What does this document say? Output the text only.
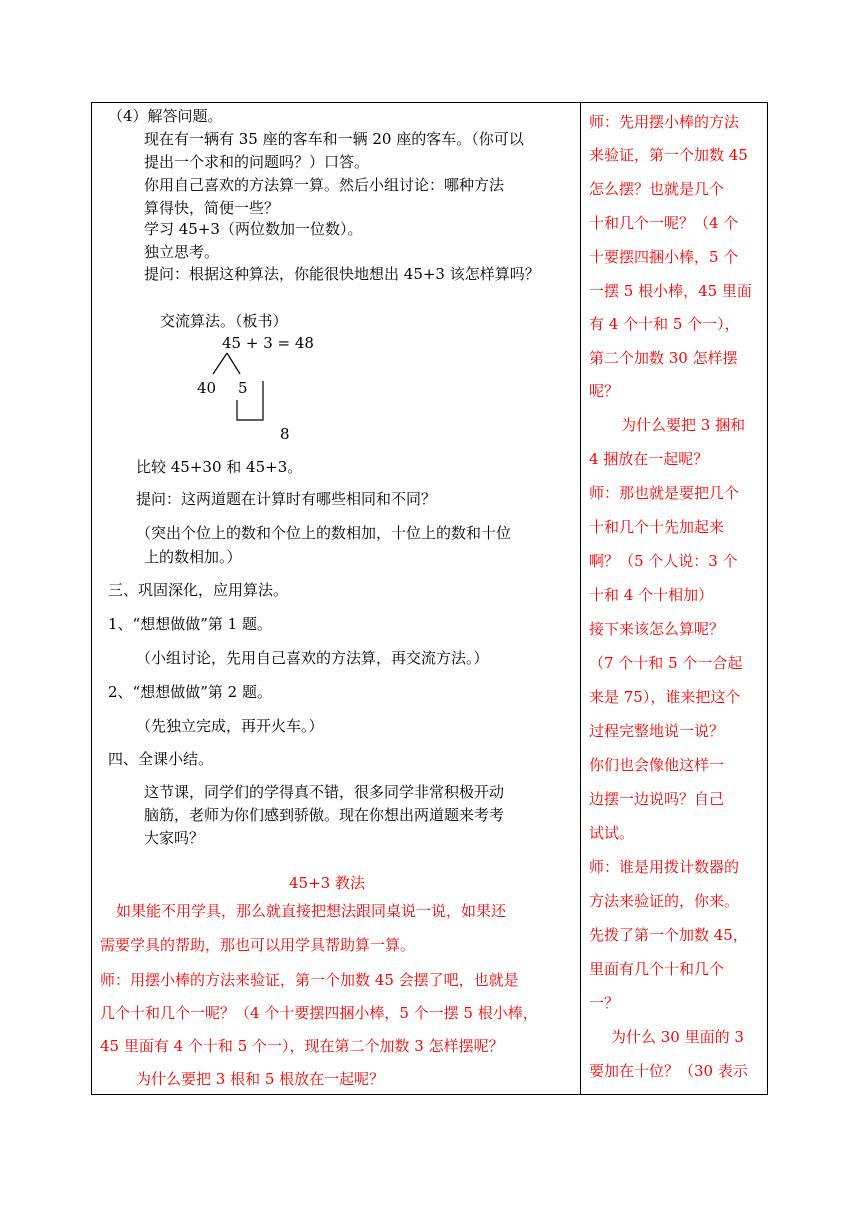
（4）解答问题。
现在有一辆有 35 座的客车和一辆 20 座的客车。（你可以
提出一个求和的问题吗？）口答。
你用自己喜欢的方法算一算。然后小组讨论：哪种方法
算得快，简便一些？
学习 45+3（两位数加一位数）。
独立思考。
提问：根据这种算法，你能很快地想出 45+3 该怎样算吗？
交流算法。（板书）
45 + 3 = 48
40 5
8
比较 45+30 和 45+3。
提问：这两道题在计算时有哪些相同和不同？
（突出个位上的数和个位上的数相加，十位上的数和十位
上的数相加。）
三、巩固深化，应用算法。
1、“想想做做”第 1 题。
（小组讨论，先用自己喜欢的方法算，再交流方法。）
2、“想想做做”第 2 题。
（先独立完成，再开火车。）
四、全课小结。
这节课，同学们的学得真不错，很多同学非常积极开动
脑筋，老师为你们感到骄傲。现在你想出两道题来考考
大家吗？
45+3 教法
如果能不用学具，那么就直接把想法跟同桌说一说，如果还
需要学具的帮助，那也可以用学具帮助算一算。
师：用摆小棒的方法来验证，第一个加数 45 会摆了吧，也就是
几个十和几个一呢？（4 个十要摆四捆小棒，5 个一摆 5 根小棒，
45 里面有 4 个十和 5 个一），现在第二个加数 3 怎样摆呢？
为什么要把 3 根和 5 根放在一起呢？
师：先用摆小棒的方法
来验证，第一个加数 45
怎么摆？也就是几个
十和几个一呢？（4 个
十要摆四捆小棒，5 个
一摆 5 根小棒，45 里面
有 4 个十和 5 个一），
第二个加数 30 怎样摆
呢？
为什么要把 3 捆和
4 捆放在一起呢？
师：那也就是要把几个
十和几个十先加起来
啊？（5 个人说：3 个
十和 4 个十相加）
接下来该怎么算呢？
（7 个十和 5 个一合起
来是 75），谁来把这个
过程完整地说一说？
你们也会像他这样一
边摆一边说吗？自己
试试。
师：谁是用拨计数器的
方法来验证的，你来。
先拨了第一个加数 45，
里面有几个十和几个
一？
为什么 30 里面的 3
要加在十位？（30 表示
